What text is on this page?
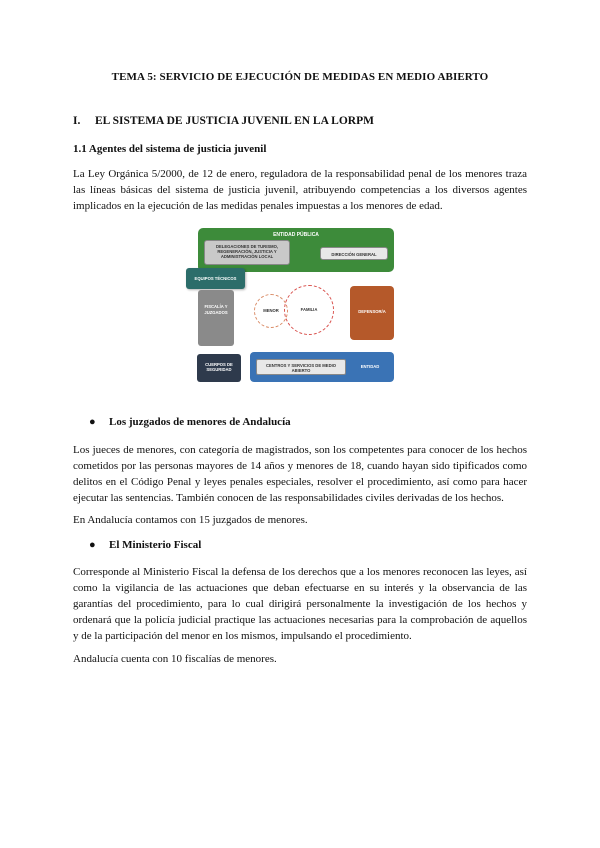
TEMA 5: SERVICIO DE EJECUCIÓN DE MEDIDAS EN MEDIO ABIERTO
I. EL SISTEMA DE JUSTICIA JUVENIL EN LA LORPM
1.1 Agentes del sistema de justicia juvenil

La Ley Orgánica 5/2000, de 12 de enero, reguladora de la responsabilidad penal de los menores traza las líneas básicas del sistema de justicia juvenil, atribuyendo competencias a los diversos agentes implicados en la ejecución de las medidas penales impuestas a los menores de edad.

ENTIDAD PÚBLICA
DELEGACIONES DE TURISMO, REGENERACIÓN, JUSTICIA Y ADMINISTRACIÓN LOCAL	DIRECCIÓN GENERAL
EQUIPOS TÉCNICOS
FISCALÍA Y JUZGADOS
FAMILIA
MENOR	DEFENSOR/A
CUERPOS DE SEGURIDAD
CENTROS Y SERVICIOS DE MEDIO ABIERTO
ENTIDAD
● Los juzgados de menores de Andalucía

Los jueces de menores, con categoría de magistrados, son los competentes para conocer de los hechos cometidos por las personas mayores de 14 años y menores de 18, cuando hayan sido tipificados como delitos en el Código Penal y leyes penales especiales, resolver el procedimiento, así como para hacer ejecutar las sentencias. También conocen de las responsabilidades civiles derivadas de los hechos.

En Andalucía contamos con 15 juzgados de menores.

● El Ministerio Fiscal

Corresponde al Ministerio Fiscal la defensa de los derechos que a los menores reconocen las leyes, así como la vigilancia de las actuaciones que deban efectuarse en su interés y la observancia de las garantías del procedimiento, para lo cual dirigirá personalmente la investigación de los hechos y ordenará que la policía judicial practique las actuaciones necesarias para la comprobación de aquellos y de la participación del menor en los mismos, impulsando el procedimiento.

Andalucía cuenta con 10 fiscalías de menores.
